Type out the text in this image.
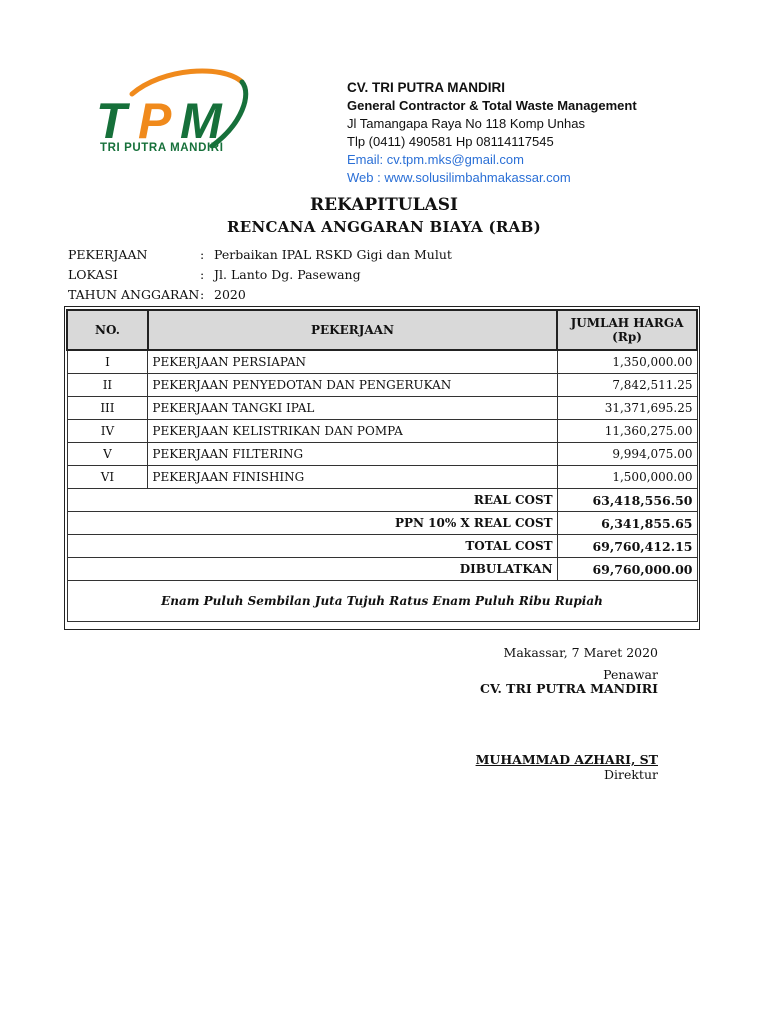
T P M
TRI PUTRA MANDIRI
CV. TRI PUTRA MANDIRI
General Contractor & Total Waste Management
Jl Tamangapa Raya No 118 Komp Unhas
Tlp (0411) 490581 Hp 08114117545
Email: cv.tpm.mks@gmail.com
Web : www.solusilimbahmakassar.com
REKAPITULASI
RENCANA ANGGARAN BIAYA (RAB)
PEKERJAAN	: Perbaikan IPAL RSKD Gigi dan Mulut
LOKASI	: Jl. Lanto Dg. Pasewang
TAHUN ANGGARAN : 2020
NO.	PEKERJAAN	JUMLAH HARGA (Rp)
I	PEKERJAAN PERSIAPAN	1,350,000.00
II	PEKERJAAN PENYEDOTAN DAN PENGERUKAN	7,842,511.25
III	PEKERJAAN TANGKI IPAL	31,371,695.25
IV	PEKERJAAN KELISTRIKAN DAN POMPA	11,360,275.00
V	PEKERJAAN FILTERING	9,994,075.00
VI	PEKERJAAN FINISHING	1,500,000.00
REAL COST		63,418,556.50
PPN 10% X REAL COST		6,341,855.65
TOTAL COST		69,760,412.15
DIBULATKAN		69,760,000.00
Enam Puluh Sembilan Juta Tujuh Ratus Enam Puluh Ribu Rupiah		
Makassar, 7 Maret 2020
Penawar
CV. TRI PUTRA MANDIRI
MUHAMMAD AZHARI, ST
Direktur
